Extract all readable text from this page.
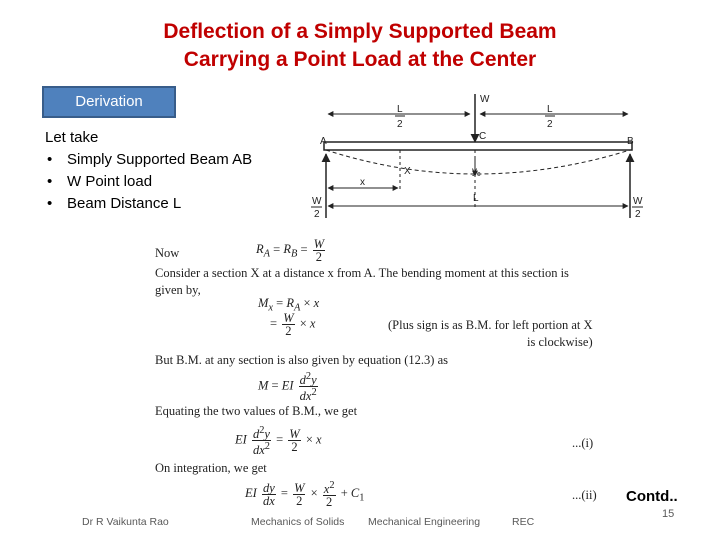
Deflection of a Simply Supported Beam
Carrying a Point Load at the Center
Derivation
Let take
• Simply Supported Beam AB
• W Point load
• Beam Distance L
W
L
2
L
2
A	B
C
X
x
$y_c$
L
W
2
W
2
Now	$R_A = R_B = \frac{W}{2}$
Consider a section X at a distance x from A. The bending moment at this section is
given by,
$M_x = R_A \times x$
= $\frac{W}{2} \times x$	(Plus sign is as B.M. for left portion at X
is clockwise)
But B.M. at any section is also given by equation (12.3) as
M = EI $\frac{d^2y}{dx^2}$
Equating the two values of B.M., we get
EI $\frac{d^2y}{dx^2} = \frac{W}{2} \times x$	...(i)
On integration, we get
EI $\frac{dy}{dx} = \frac{W}{2} \times \frac{x^2}{2} + C_1$	...(ii) Contd..
Dr R Vaikunta Rao	Mechanics of Solids Mechanical Engineering	REC
15
